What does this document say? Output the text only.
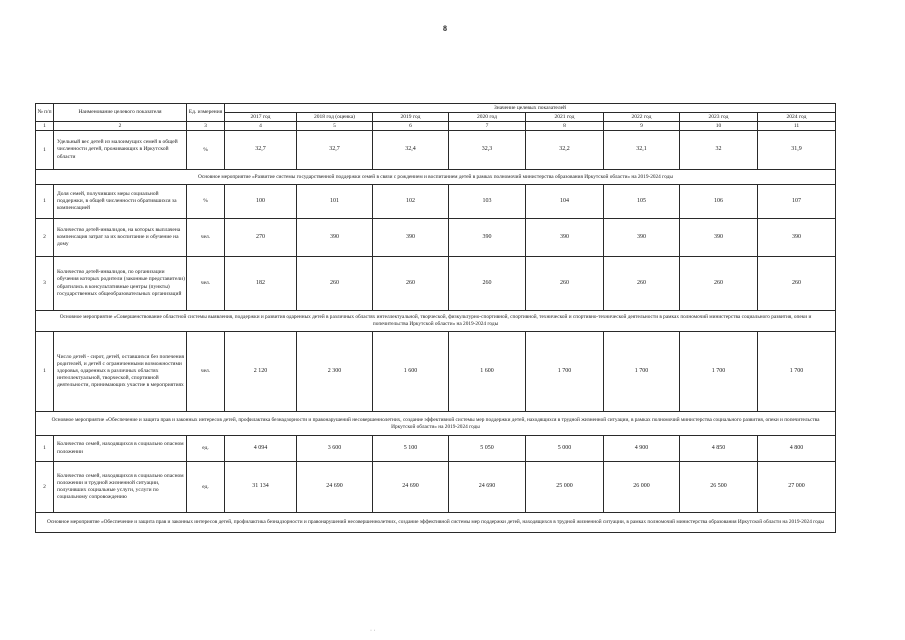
8
№ п/п	Наименование целевого показателя	Ед. измерения	Значение целевых показателей							
			2017 год	2018 год (оценка)	2019 год	2020 год	2021 год	2022 год	2023 год	2024 год
1	2	3	4	5	6	7	8	9	10	11
1	Удельный вес детей из малоимущих семей в общей численности детей, проживающих в Иркутской области	%	32,7	32,7	32,4	32,3	32,2	32,1	32	31,9
Основное мероприятие «Развитие системы государственной поддержки семей в связи с рождением и воспитанием детей в рамках полномочий министерства образования Иркутской области» на 2019-2024 годы										
1	Доля семей, получивших меры социальной поддержки, в общей численности обратившихся за компенсацией	%	100	101	102	103	104	105	106	107
2	Количество детей-инвалидов, на которых выплачена компенсация затрат за их воспитание и обучение на дому	чел.	270	390	390	390	390	390	390	390
3	Количество детей-инвалидов, по организации обучения которых родители (законные представители) обратились в консультативные центры (пункты) государственных общеобразовательных организаций	чел.	182	260	260	260	260	260	260	260
Основное мероприятие «Совершенствование областной системы выявления, поддержки и развития одаренных детей в различных областях интеллектуальной, творческой, физкультурно-спортивной, спортивной, технической и спортивно-технической деятельности в рамках полномочий министерства социального развития, опеки и попечительства Иркутской области» на 2019-2024 годы										
1	Число детей - сирот, детей, оставшихся без попечения родителей, и детей с ограниченными возможностями здоровья, одаренных в различных областях интеллектуальной, творческой, спортивной деятельности, принимающих участие в мероприятиях	чел.	2 120	2 300	1 600	1 600	1 700	1 700	1 700	1 700
Основное мероприятие «Обеспечение и защита прав и законных интересов детей, профилактика безнадзорности и правонарушений несовершеннолетних, создание эффективной системы мер поддержки детей, находящихся в трудной жизненной ситуации, в рамках полномочий министерства социального развития, опеки и попечительства Иркутской области» на 2019-2024 годы										
1	Количество семей, находящихся в социально опасном положении	ед.	4 094	3 600	5 100	5 050	5 000	4 900	4 850	4 800
2	Количество семей, находящихся в социально опасном положении и трудной жизненной ситуации, получивших социальные услуги, услуги по социальному сопровождению	ед.	31 134	24 690	24 690	24 690	25 000	26 000	26 500	27 000
Основное мероприятие «Обеспечение и защита прав и законных интересов детей, профилактика безнадзорности и правонарушений несовершеннолетних, создание эффективной системы мер поддержки детей, находящихся в трудной жизненной ситуации, в рамках полномочий министерства образования Иркутской области на 2019-2024 годы										
· ·
